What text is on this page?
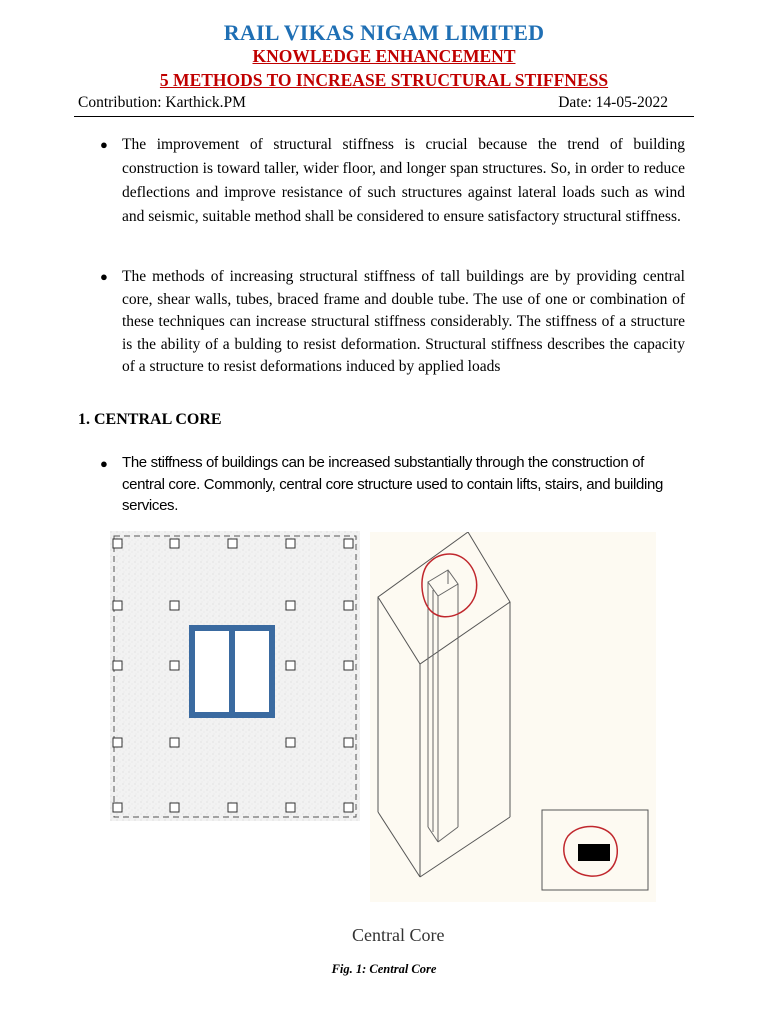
RAIL VIKAS NIGAM LIMITED
KNOWLEDGE ENHANCEMENT
5 METHODS TO INCREASE STRUCTURAL STIFFNESS
Contribution: Karthick.PM	Date: 14-05-2022
● The improvement of structural stiffness is crucial because the trend of building construction is toward taller, wider floor, and longer span structures. So, in order to reduce deflections and improve resistance of such structures against lateral loads such as wind and seismic, suitable method shall be considered to ensure satisfactory structural stiffness.
● The methods of increasing structural stiffness of tall buildings are by providing central core, shear walls, tubes, braced frame and double tube. The use of one or combination of these techniques can increase structural stiffness considerably. The stiffness of a structure is the ability of a bulding to resist deformation. Structural stiffness describes the capacity of a structure to resist deformations induced by applied loads
1. CENTRAL CORE
● The stiffness of buildings can be increased substantially through the construction of central core. Commonly, central core structure used to contain lifts, stairs, and building services.
Central Core
Fig. 1: Central Core
